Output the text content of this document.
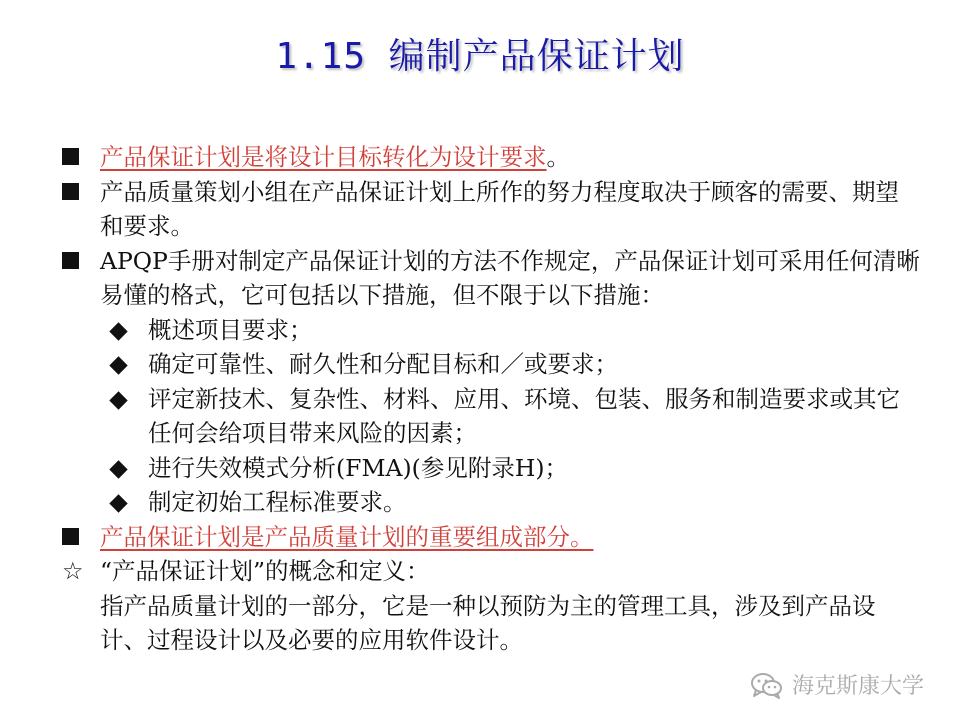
1.15 编制产品保证计划
产品保证计划是将设计目标转化为设计要求。
产品质量策划小组在产品保证计划上所作的努力程度取决于顾客的需要、期望和要求。
APQP手册对制定产品保证计划的方法不作规定，产品保证计划可采用任何清晰易懂的格式，它可包括以下措施，但不限于以下措施：
概述项目要求；
确定可靠性、耐久性和分配目标和／或要求；
评定新技术、复杂性、材料、应用、环境、包装、服务和制造要求或其它任何会给项目带来风险的因素；
进行失效模式分析(FMA)(参见附录H)；
制定初始工程标准要求。
产品保证计划是产品质量计划的重要组成部分。
☆ “产品保证计划”的概念和定义：
指产品质量计划的一部分，它是一种以预防为主的管理工具，涉及到产品设计、过程设计以及必要的应用软件设计。
海克斯康大学
